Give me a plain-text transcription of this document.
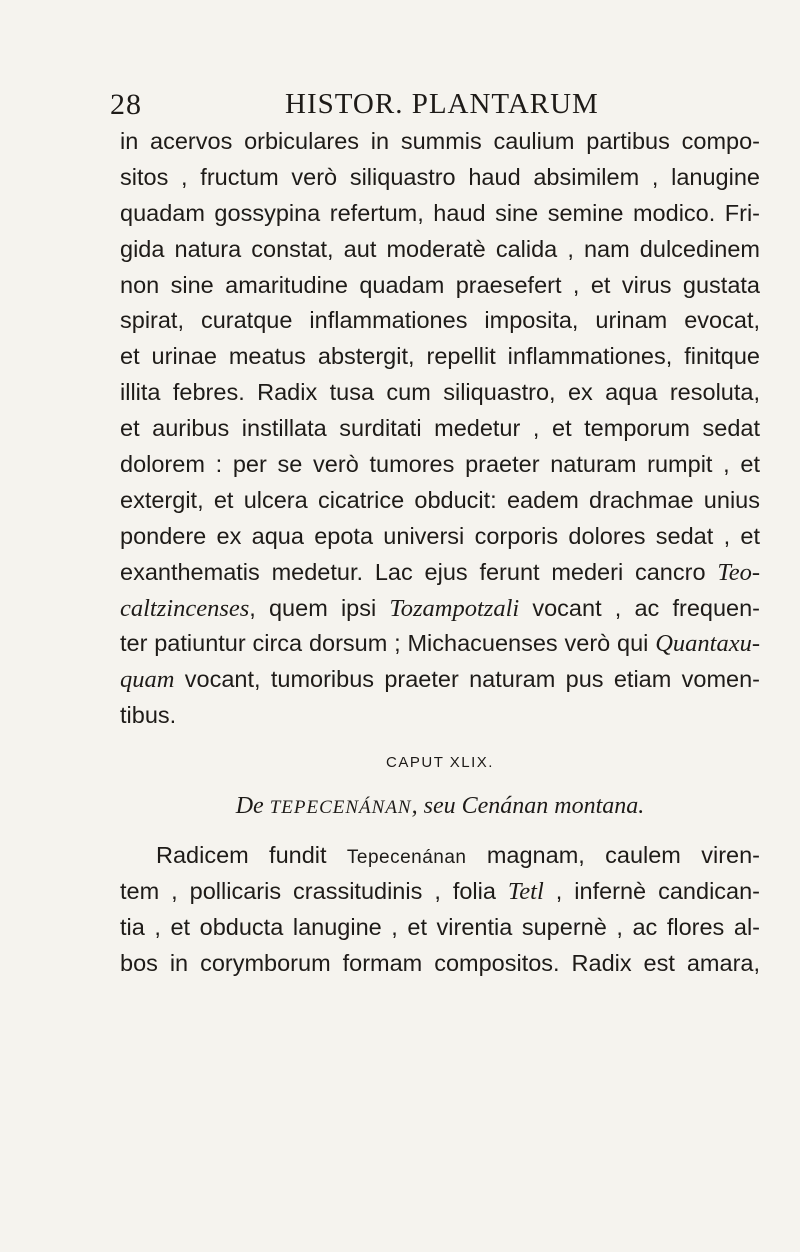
28	HISTOR. PLANTARUM
in acervos orbiculares in summis caulium partibus compo-
sitos , fructum verò siliquastro haud absimilem , lanugine
quadam gossypina refertum, haud sine semine modico. Fri-
gida natura constat, aut moderatè calida , nam dulcedinem
non sine amaritudine quadam praesefert , et virus gustata
spirat, curatque inflammationes imposita, urinam evocat,
et urinae meatus abstergit, repellit inflammationes, finitque
illita febres. Radix tusa cum siliquastro, ex aqua resoluta,
et auribus instillata surditati medetur , et temporum sedat
dolorem : per se verò tumores praeter naturam rumpit , et
extergit, et ulcera cicatrice obducit: eadem drachmae unius
pondere ex aqua epota universi corporis dolores sedat , et
exanthematis medetur. Lac ejus ferunt mederi cancro Teo-
caltzincenses, quem ipsi Tozampotzali vocant , ac frequen-
ter patiuntur circa dorsum ; Michacuenses verò qui Quantaxu-
quam vocant, tumoribus praeter naturam pus etiam vomen-
tibus.
CAPUT XLIX.
De TEPECENÁNAN, seu Cenánan montana.
Radicem fundit Tepecenánan magnam, caulem viren-
tem , pollicaris crassitudinis , folia Tetl , infernè candican-
tia , et obducta lanugine , et virentia supernè , ac flores al-
bos in corymborum formam compositos. Radix est amara,
